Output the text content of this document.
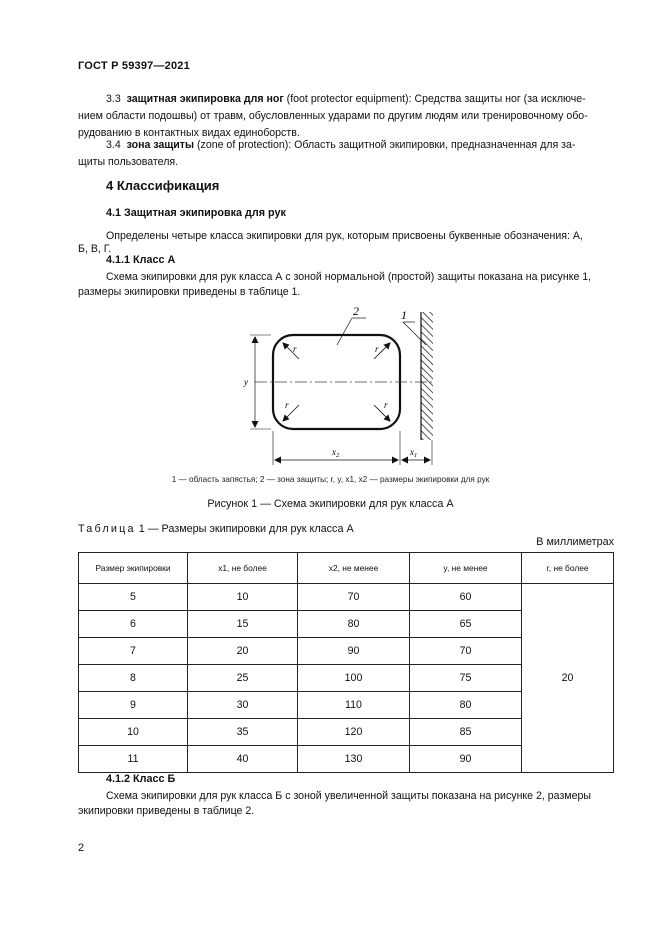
ГОСТ Р 59397—2021
3.3 защитная экипировка для ног (foot protector equipment): Средства защиты ног (за исключе-
нием области подошвы) от травм, обусловленных ударами по другим людям или тренировочному обо-
рудованию в контактных видах единоборств.
3.4 зона защиты (zone of protection): Область защитной экипировки, предназначенная для за-
щиты пользователя.
4 Классификация
4.1 Защитная экипировка для рук
Определены четыре класса экипировки для рук, которым присвоены буквенные обозначения: А,
Б, В, Г.
4.1.1 Класс А
Схема экипировки для рук класса А с зоной нормальной (простой) защиты показана на рисунке 1,
размеры экипировки приведены в таблице 1.
r	r
r	r
2	1
y
$x_2$	$x_1$
1 — область запястья; 2 — зона защиты; r, y, x1, x2 — размеры экипировки для рук
Рисунок 1 — Схема экипировки для рук класса А
Таблица 1 — Размеры экипировки для рук класса А
В миллиметрах
Размер экипировки	x1, не более	x2, не менее	y, не менее	r, не более
5	10	70	60	20
6	15	80	65	
7	20	90	70	
8	25	100	75	
9	30	110	80	
10	35	120	85	
11	40	130	90	
4.1.2 Класс Б
Схема экипировки для рук класса Б с зоной увеличенной защиты показана на рисунке 2, размеры
экипировки приведены в таблице 2.
2
